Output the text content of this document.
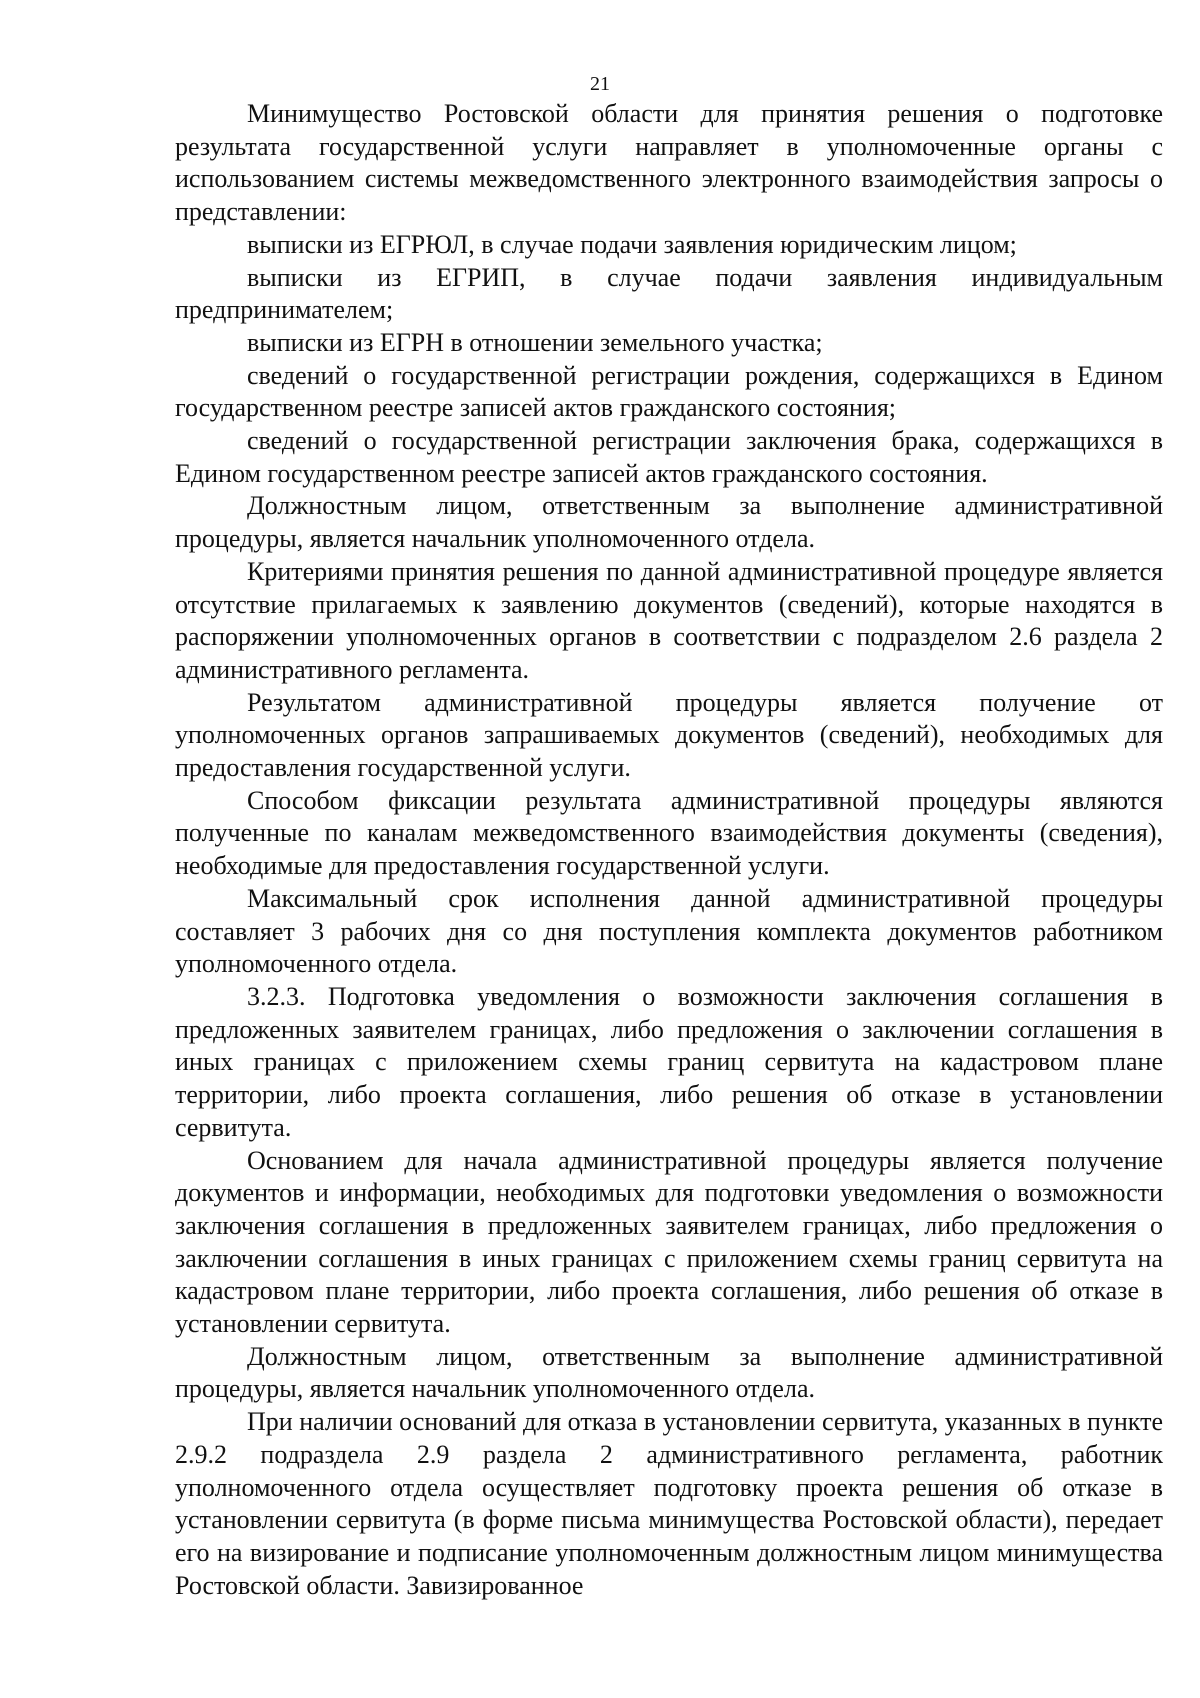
21

Минимущество Ростовской области для принятия решения о подготовке результата государственной услуги направляет в уполномоченные органы с использованием системы межведомственного электронного взаимодействия запросы о представлении:

выписки из ЕГРЮЛ, в случае подачи заявления юридическим лицом;

выписки из ЕГРИП, в случае подачи заявления индивидуальным предпринимателем;

выписки из ЕГРН в отношении земельного участка;

сведений о государственной регистрации рождения, содержащихся в Едином государственном реестре записей актов гражданского состояния;

сведений о государственной регистрации заключения брака, содержащихся в Едином государственном реестре записей актов гражданского состояния.

Должностным лицом, ответственным за выполнение административной процедуры, является начальник уполномоченного отдела.

Критериями принятия решения по данной административной процедуре является отсутствие прилагаемых к заявлению документов (сведений), которые находятся в распоряжении уполномоченных органов в соответствии с подразделом 2.6 раздела 2 административного регламента.

Результатом административной процедуры является получение от уполномоченных органов запрашиваемых документов (сведений), необходимых для предоставления государственной услуги.

Способом фиксации результата административной процедуры являются полученные по каналам межведомственного взаимодействия документы (сведения), необходимые для предоставления государственной услуги.

Максимальный срок исполнения данной административной процедуры составляет 3 рабочих дня со дня поступления комплекта документов работником уполномоченного отдела.

3.2.3. Подготовка уведомления о возможности заключения соглашения в предложенных заявителем границах, либо предложения о заключении соглашения в иных границах с приложением схемы границ сервитута на кадастровом плане территории, либо проекта соглашения, либо решения об отказе в установлении сервитута.

Основанием для начала административной процедуры является получение документов и информации, необходимых для подготовки уведомления о возможности заключения соглашения в предложенных заявителем границах, либо предложения о заключении соглашения в иных границах с приложением схемы границ сервитута на кадастровом плане территории, либо проекта соглашения, либо решения об отказе в установлении сервитута.

Должностным лицом, ответственным за выполнение административной процедуры, является начальник уполномоченного отдела.

При наличии оснований для отказа в установлении сервитута, указанных в пункте 2.9.2 подраздела 2.9 раздела 2 административного регламента, работник уполномоченного отдела осуществляет подготовку проекта решения об отказе в установлении сервитута (в форме письма минимущества Ростовской области), передает его на визирование и подписание уполномоченным должностным лицом минимущества Ростовской области. Завизированное
